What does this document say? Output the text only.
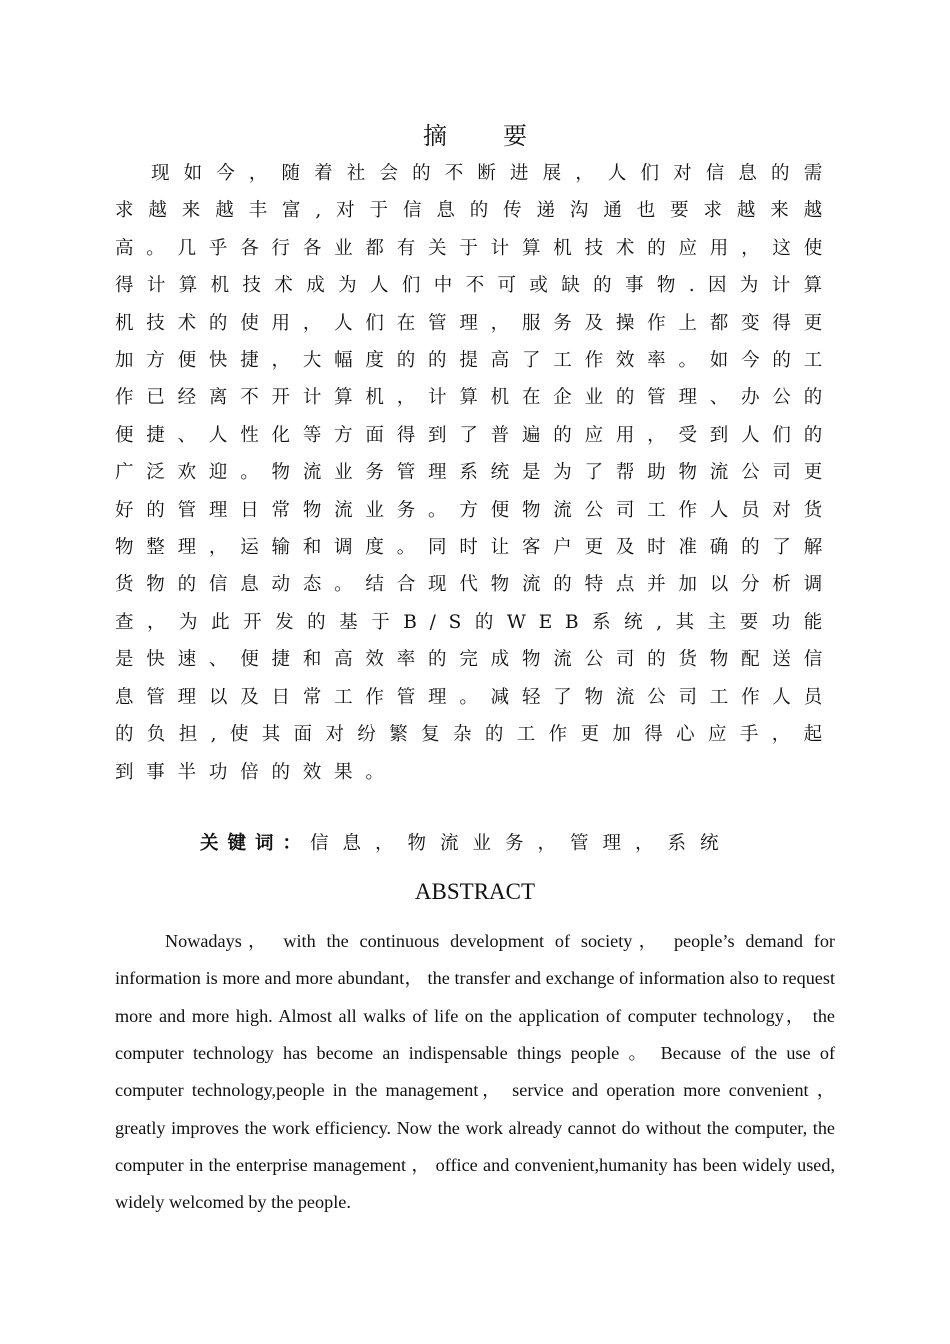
摘 要

现如今，随着社会的不断进展，人们对信息的需求越来越丰富,对于信息的传递沟通也要求越来越高。几乎各行各业都有关于计算机技术的应用，这使得计算机技术成为人们中不可或缺的事物.因为计算机技术的使用，人们在管理，服务及操作上都变得更加方便快捷，大幅度的的提高了工作效率。如今的工作已经离不开计算机，计算机在企业的管理、办公的便捷、人性化等方面得到了普遍的应用，受到人们的广泛欢迎。物流业务管理系统是为了帮助物流公司更好的管理日常物流业务。方便物流公司工作人员对货物整理，运输和调度。同时让客户更及时准确的了解货物的信息动态。结合现代物流的特点并加以分析调查，为此开发的基于B/S的WEB系统,其主要功能是快速、便捷和高效率的完成物流公司的货物配送信息管理以及日常工作管理。减轻了物流公司工作人员的负担,使其面对纷繁复杂的工作更加得心应手，起到事半功倍的效果。

关键词：信息，物流业务，管理，系统
ABSTRACT

Nowadays， with the continuous development of society， people’s demand for information is more and more abundant， the transfer and exchange of information also to request more and more high. Almost all walks of life on the application of computer technology， the computer technology has become an indispensable things people 。 Because of the use of computer technology,people in the management， service and operation more convenient ， greatly improves the work efficiency. Now the work already cannot do without the computer, the computer in the enterprise management ， office and convenient,humanity has been widely used, widely welcomed by the people.
